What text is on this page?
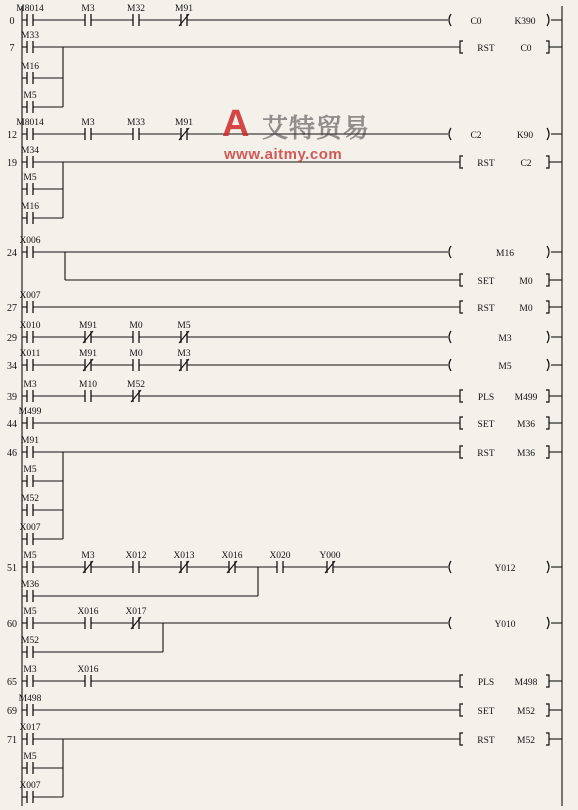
0
M8014	M3	M32	M91
C0	K390
7
M33
M16
M5
RST	C0
12
M8014	M3	M33	M91
C2	K90
19
M34
M5
M16
RST	C2
24
X006
M16
SET	M0
27
X007
RST	M0
29
X010	M91	M0	M5
M3
34
X011	M91	M0	M3
M5
39
M3	M10	M52
PLS M499
44
M499
SET M36
46
M91
M5
M52
X007
RST M36
51
M5	M3	X012	X013	X016	X020	Y000
M36
Y012
60
M5	X016	X017
M52
Y010
65
M3	X016
PLS M498
69
M498
SET M52
71
X017
M5
X007
RST M52
A 艾特贸易
www.aitmy.com
